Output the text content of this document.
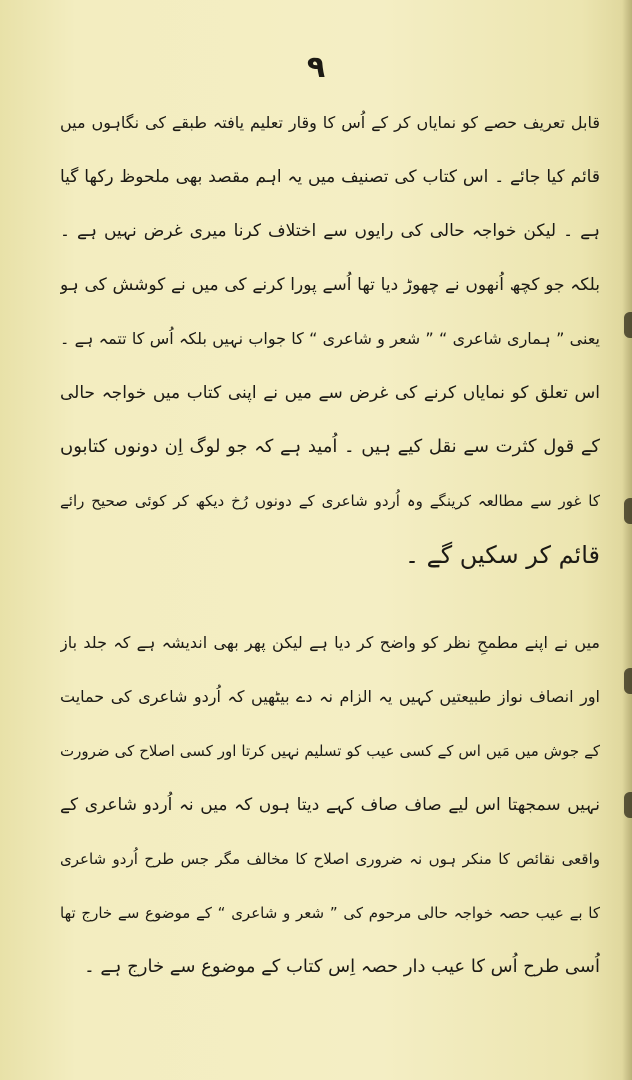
۹
قابل تعریف حصے کو نمایاں کر کے اُس کا وقار تعلیم یافتہ طبقے کی نگاہوں میں
قائم کیا جائے ۔ اس کتاب کی تصنیف میں یہ اہم مقصد بھی ملحوظ رکھا گیا
ہے ۔ لیکن خواجہ حالی کی رایوں سے اختلاف کرنا میری غرض نہیں ہے ۔
بلکہ جو کچھ اُنھوں نے چھوڑ دیا تھا اُسے پورا کرنے کی میں نے کوشش کی ہو
یعنی ” ہماری شاعری “ ” شعر و شاعری “ کا جواب نہیں بلکہ اُس کا تتمہ ہے ۔
اس تعلق کو نمایاں کرنے کی غرض سے میں نے اپنی کتاب میں خواجہ حالی
کے قول کثرت سے نقل کیے ہیں ۔ اُمید ہے کہ جو لوگ اِن دونوں کتابوں
کا غور سے مطالعہ کرینگے وہ اُردو شاعری کے دونوں رُخ دیکھ کر کوئی صحیح رائے
قائم کر سکیں گے ۔
میں نے اپنے مطمحِ نظر کو واضح کر دیا ہے لیکن پھر بھی اندیشہ ہے کہ جلد باز
اور انصاف نواز طبیعتیں کہیں یہ الزام نہ دے بیٹھیں کہ اُردو شاعری کی حمایت
کے جوش میں مَیں اس کے کسی عیب کو تسلیم نہیں کرتا اور کسی اصلاح کی ضرورت
نہیں سمجھتا اس لیے صاف صاف کہے دیتا ہوں کہ میں نہ اُردو شاعری کے
واقعی نقائص کا منکر ہوں نہ ضروری اصلاح کا مخالف مگر جس طرح اُردو شاعری
کا بے عیب حصہ خواجہ حالی مرحوم کی ” شعر و شاعری “ کے موضوع سے خارج تھا
اُسی طرح اُس کا عیب دار حصہ اِس کتاب کے موضوع سے خارج ہے ۔
